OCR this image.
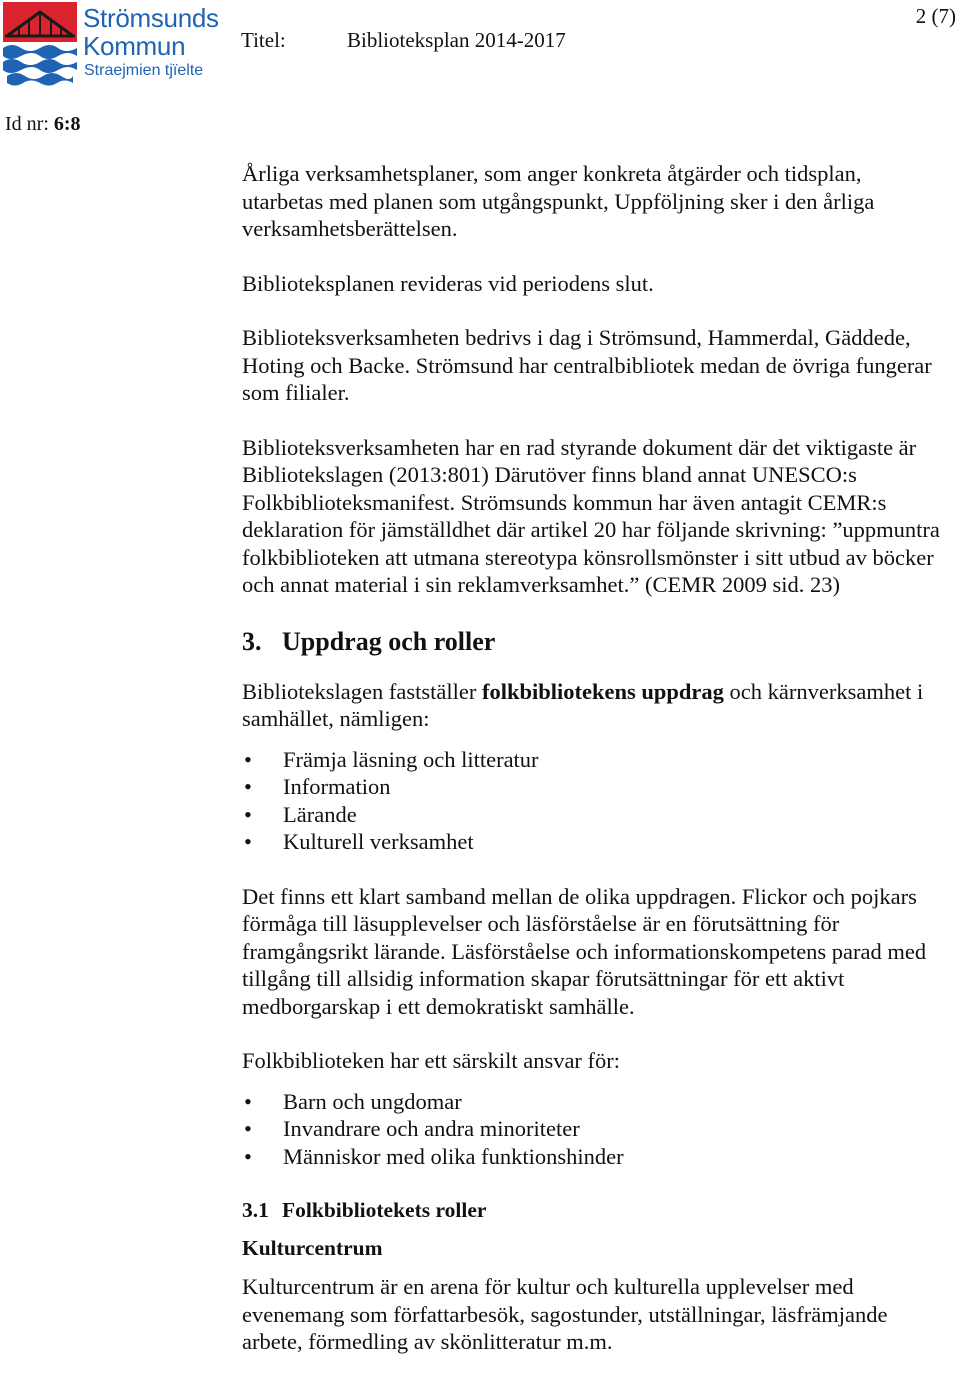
Strömsunds
Kommun
Straejmien tjïelte
Titel:	Biblioteksplan 2014-2017
2 (7)
Id nr: 6:8

Årliga verksamhetsplaner, som anger konkreta åtgärder och tidsplan, utarbetas med planen som utgångspunkt, Uppföljning sker i den årliga verksamhetsberättelsen.

Biblioteksplanen revideras vid periodens slut.

Biblioteksverksamheten bedrivs i dag i Strömsund, Hammerdal, Gäddede, Hoting och Backe. Strömsund har centralbibliotek medan de övriga fungerar som filialer.

Biblioteksverksamheten har en rad styrande dokument där det viktigaste är Bibliotekslagen (2013:801) Därutöver finns bland annat UNESCO:s Folkbiblioteksmanifest. Strömsunds kommun har även antagit CEMR:s deklaration för jämställdhet där artikel 20 har följande skrivning: ”uppmuntra folkbiblioteken att utmana stereotypa könsrollsmönster i sitt utbud av böcker och annat material i sin reklamverksamhet.” (CEMR 2009 sid. 23)

3. Uppdrag och roller

Bibliotekslagen fastställer folkbibliotekens uppdrag och kärnverksamhet i samhället, nämligen:

• Främja läsning och litteratur
• Information
• Lärande
• Kulturell verksamhet

Det finns ett klart samband mellan de olika uppdragen. Flickor och pojkars förmåga till läsupplevelser och läsförståelse är en förutsättning för framgångsrikt lärande. Läsförståelse och informationskompetens parad med tillgång till allsidig information skapar förutsättningar för ett aktivt medborgarskap i ett demokratiskt samhälle.

Folkbiblioteken har ett särskilt ansvar för:

• Barn och ungdomar
• Invandrare och andra minoriteter
• Människor med olika funktionshinder
3.1 Folkbibliotekets roller
Kulturcentrum

Kulturcentrum är en arena för kultur och kulturella upplevelser med evenemang som författarbesök, sagostunder, utställningar, läsfrämjande arbete, förmedling av skönlitteratur m.m.
